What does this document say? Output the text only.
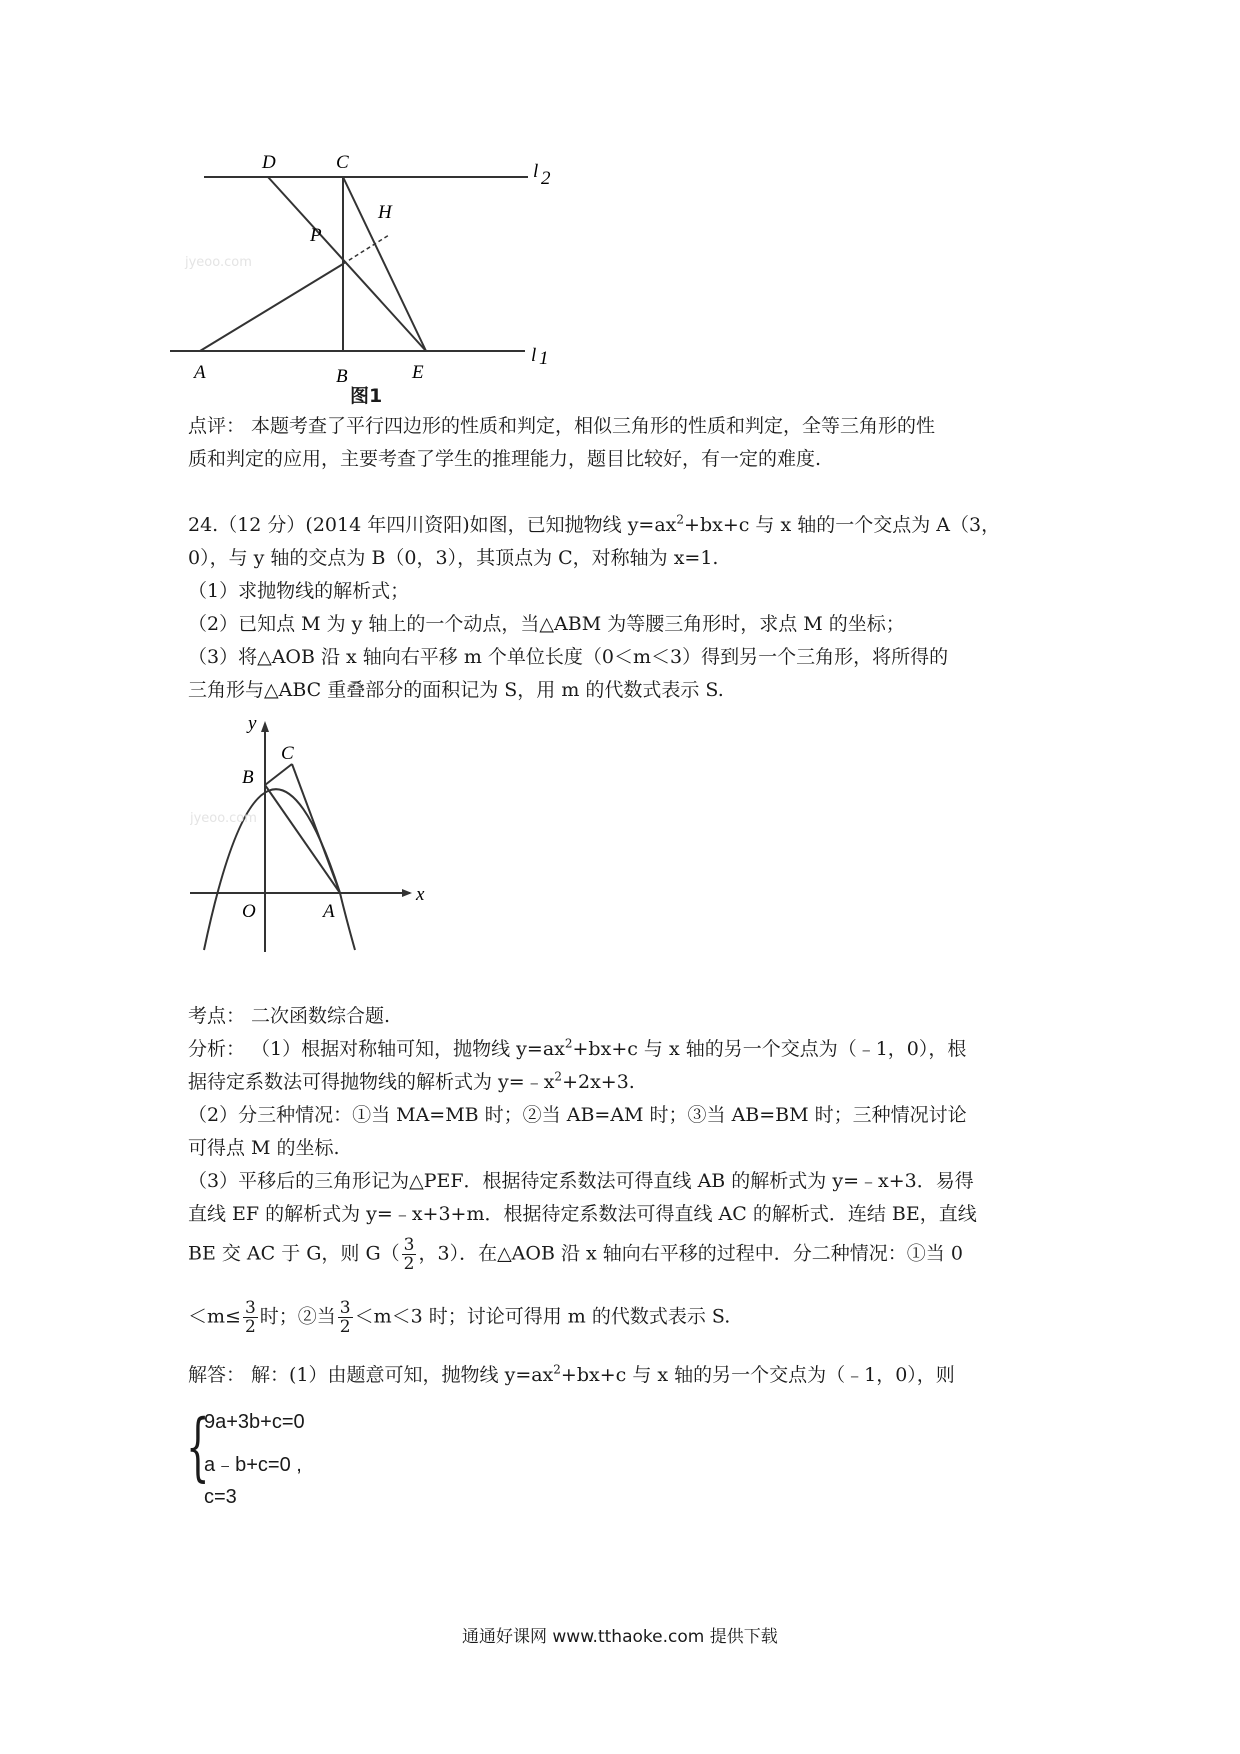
jyeoo.com
D	C
H
P
A	B	E
l 2
l 1
图1
点评： 本题考查了平行四边形的性质和判定，相似三角形的性质和判定，全等三角形的性
质和判定的应用，主要考查了学生的推理能力，题目比较好，有一定的难度.
24.（12 分）(2014 年四川资阳)如图，已知抛物线 $y=ax^2+bx+c$ 与 x 轴的一个交点为 A（3，
0），与 y 轴的交点为 B（0，3），其顶点为 C，对称轴为 x=1.
（1）求抛物线的解析式；
（2）已知点 M 为 y 轴上的一个动点，当△ABM 为等腰三角形时，求点 M 的坐标；
（3）将△AOB 沿 x 轴向右平移 m 个单位长度（0＜m＜3）得到另一个三角形，将所得的
三角形与△ABC 重叠部分的面积记为 S，用 m 的代数式表示 S.
jyeoo.com
y
x
C
B
O	A
考点： 二次函数综合题.
分析： （1）根据对称轴可知，抛物线 $y=ax^2+bx+c$ 与 x 轴的另一个交点为（﹣1，0），根
据待定系数法可得抛物线的解析式为 $y=﹣x^2+2x+3$.
（2）分三种情况：①当 MA=MB 时；②当 AB=AM 时；③当 AB=BM 时；三种情况讨论
可得点 M 的坐标.
（3）平移后的三角形记为△PEF．根据待定系数法可得直线 AB 的解析式为 y=﹣x+3．易得
直线 EF 的解析式为 y=﹣x+3+m．根据待定系数法可得直线 AC 的解析式．连结 BE，直线
BE 交 AC 于 G，则 $G( \frac{3}{2}$ ，3）．在△AOB 沿 x 轴向右平移的过程中．分二种情况：①当 0
$<m\le \frac{3}{2}$ 时；②当 $\frac{3}{2} <m<3$ 时；讨论可得用 m 的代数式表示 S.
解答： 解：(1）由题意可知，抛物线 $y=ax^2+bx+c$ 与 x 轴的另一个交点为（﹣1，0），则
{
9a+3b+c=0
a﹣b+c=0 ,
c=3
通通好课网 www.tthaoke.com 提供下载
